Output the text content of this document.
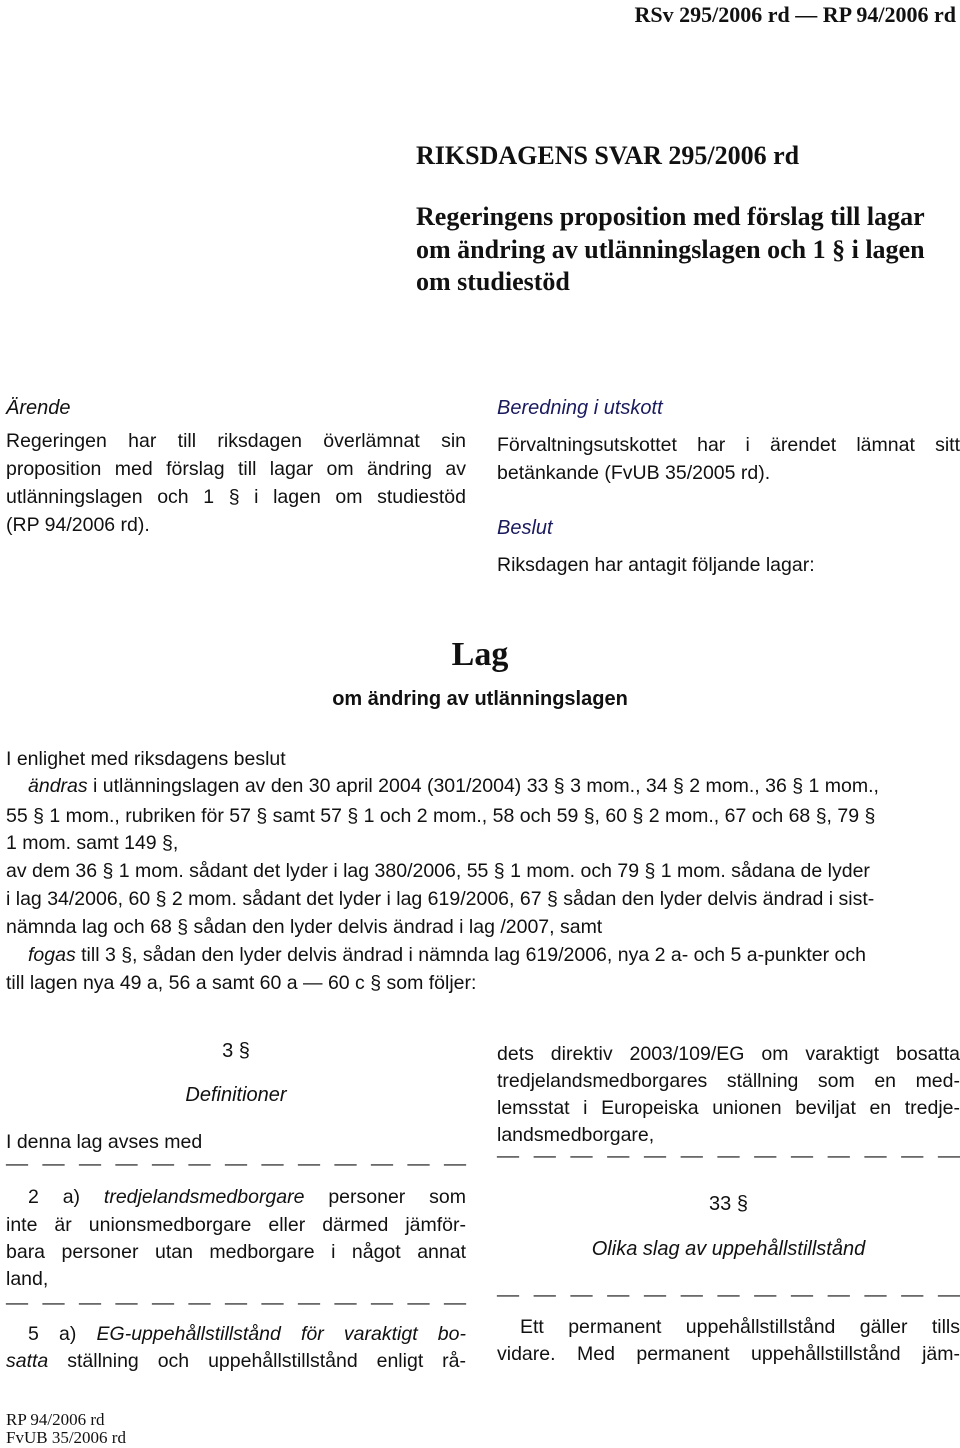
RSv 295/2006 rd — RP 94/2006 rd
RIKSDAGENS SVAR 295/2006 rd
Regeringens proposition med förslag till lagar
om ändring av utlänningslagen och 1 § i lagen
om studiestöd
Ärende
Regeringen har till riksdagen överlämnat sin
proposition med förslag till lagar om ändring av
utlänningslagen och 1 § i lagen om studiestöd
(RP 94/2006 rd).
Beredning i utskott
Förvaltningsutskottet har i ärendet lämnat sitt
betänkande (FvUB 35/2005 rd).
Beslut
Riksdagen har antagit följande lagar:
Lag
om ändring av utlänningslagen
I enlighet med riksdagens beslut
ändras i utlänningslagen av den 30 april 2004 (301/2004) 33 § 3 mom., 34 § 2 mom., 36 § 1 mom.,
55 § 1 mom., rubriken för 57 § samt 57 § 1 och 2 mom., 58 och 59 §, 60 § 2 mom., 67 och 68 §, 79 §
1 mom. samt 149 §,
av dem 36 § 1 mom. sådant det lyder i lag 380/2006, 55 § 1 mom. och 79 § 1 mom. sådana de lyder
i lag 34/2006, 60 § 2 mom. sådant det lyder i lag 619/2006, 67 § sådan den lyder delvis ändrad i sist-
nämnda lag och 68 § sådan den lyder delvis ändrad i lag /2007, samt
fogas till 3 §, sådan den lyder delvis ändrad i nämnda lag 619/2006, nya 2 a- och 5 a-punkter och
till lagen nya 49 a, 56 a samt 60 a — 60 c § som följer:
3 §
Definitioner
I denna lag avses med
— — — — — — — — — — — — —
2 a) tredjelandsmedborgare personer som
inte är unionsmedborgare eller därmed jämför-
bara personer utan medborgare i något annat
land,
— — — — — — — — — — — — —
5 a) EG-uppehållstillstånd för varaktigt bo-
satta ställning och uppehållstillstånd enligt rå-
dets direktiv 2003/109/EG om varaktigt bosatta
tredjelandsmedborgares ställning som en med-
lemsstat i Europeiska unionen beviljat en tredje-
landsmedborgare,
— — — — — — — — — — — — —
33 §
Olika slag av uppehållstillstånd
— — — — — — — — — — — — —
Ett permanent uppehållstillstånd gäller tills
vidare. Med permanent uppehållstillstånd jäm-
RP 94/2006 rd
FvUB 35/2006 rd
